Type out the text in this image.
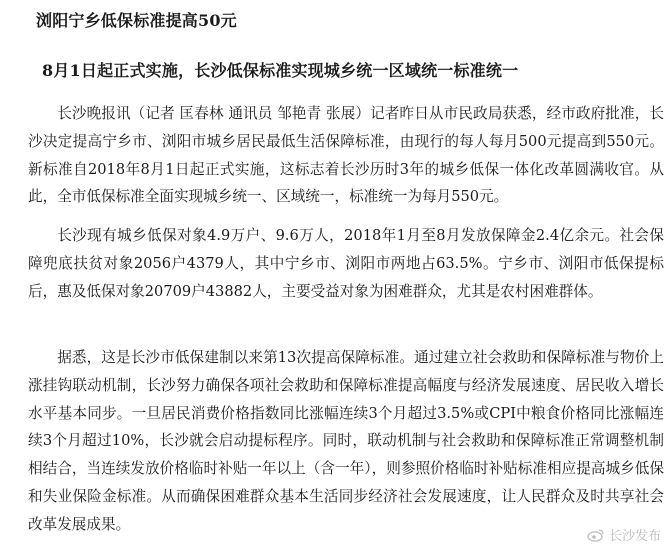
浏阳宁乡低保标准提高50元
8月1日起正式实施，长沙低保标准实现城乡统一区域统一标准统一

长沙晚报讯（记者 匡春林 通讯员 邹艳青 张展）记者昨日从市民政局获悉，经市政府批准，长沙决定提高宁乡市、浏阳市城乡居民最低生活保障标准，由现行的每人每月500元提高到550元。新标准自2018年8月1日起正式实施，这标志着长沙历时3年的城乡低保一体化改革圆满收官。从此，全市低保标准全面实现城乡统一、区域统一，标准统一为每月550元。

长沙现有城乡低保对象4.9万户、9.6万人，2018年1月至8月发放保障金2.4亿余元。社会保障兜底扶贫对象2056户4379人，其中宁乡市、浏阳市两地占63.5%。宁乡市、浏阳市低保提标后，惠及低保对象20709户43882人，主要受益对象为困难群众，尤其是农村困难群体。

据悉，这是长沙市低保建制以来第13次提高保障标准。通过建立社会救助和保障标准与物价上涨挂钩联动机制，长沙努力确保各项社会救助和保障标准提高幅度与经济发展速度、居民收入增长水平基本同步。一旦居民消费价格指数同比涨幅连续3个月超过3.5%或CPI中粮食价格同比涨幅连续3个月超过10%，长沙就会启动提标程序。同时，联动机制与社会救助和保障标准正常调整机制相结合，当连续发放价格临时补贴一年以上（含一年），则参照价格临时补贴标准相应提高城乡低保和失业保险金标准。从而确保困难群众基本生活同步经济社会发展速度，让人民群众及时共享社会改革发展成果。

长沙发布
